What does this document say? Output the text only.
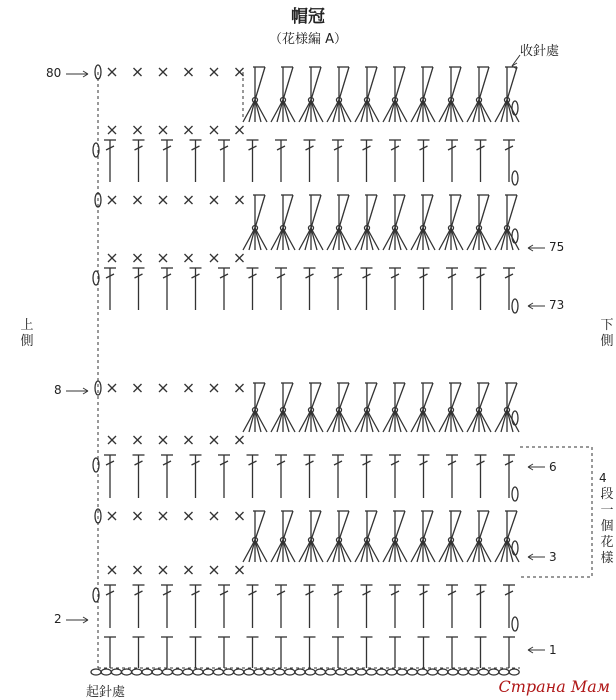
帽冠
（花様編 A）
收針處
起針處
上側
下側
4
段一個花樣
80
8
2
75
73
6
3
1
Страна Мам
